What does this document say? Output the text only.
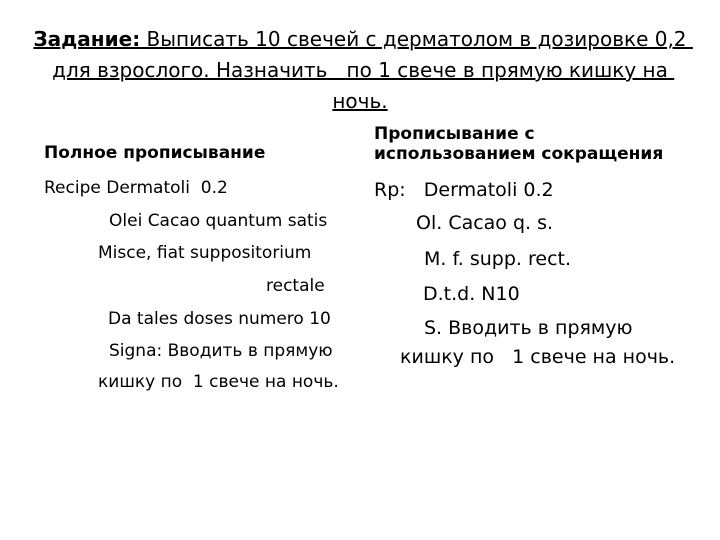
Задание: Выписать 10 свечей с дерматолом в дозировке 0,2 для взрослого. Назначить   по 1 свече в прямую кишку на ночь.
Полное прописывание
Прописывание с
использованием сокращения
Recipe Dermatoli  0.2
Olei Cacao quantum satis
Misce, fiat suppositorium
rectale
Da tales doses numero 10
Signa: Вводить в прямую
кишку по  1 свече на ночь.
Rp:   Dermatoli 0.2
Ol. Cacao q. s.
M. f. supp. rect.
D.t.d. N10
S. Вводить в прямую
кишку по   1 свече на ночь.
